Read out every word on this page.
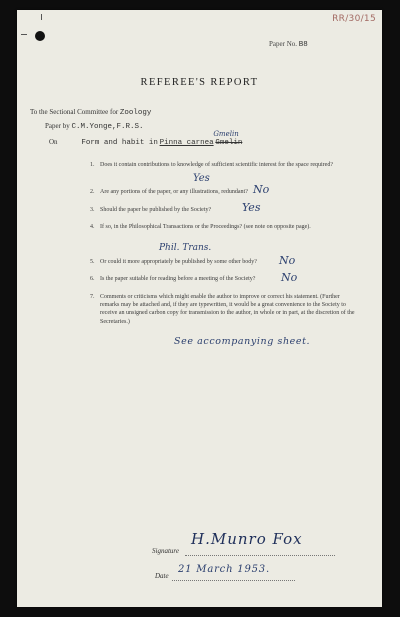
RR/30/15
Paper No. B8
REFEREE'S REPORT
To the Sectional Committee for Zoology
Paper by C.M.Yonge,F.R.S.
On	Form and habit in Pinna carnea Gmelin
Gmelin
1. Does it contain contributions to knowledge of sufficient scientific interest for the space required?
Yes
2. Are any portions of the paper, or any illustrations, redundant? No
3. Should the paper be published by the Society?	Yes
4. If so, in the Philosophical Transactions or the Proceedings? (see note on opposite page).
Phil. Trans.
5. Or could it more appropriately be published by some other body?	No
6. Is the paper suitable for reading before a meeting of the Society?	No
7. Comments or criticisms which might enable the author to improve or correct his statement. (Further remarks may be attached and, if they are typewritten, it would be a great convenience to the Society to receive an unsigned carbon copy for transmission to the author, in whole or in part, at the discretion of the Secretaries.)
See accompanying sheet.
Signature
H.Munro Fox
Date
21 March 1953.
